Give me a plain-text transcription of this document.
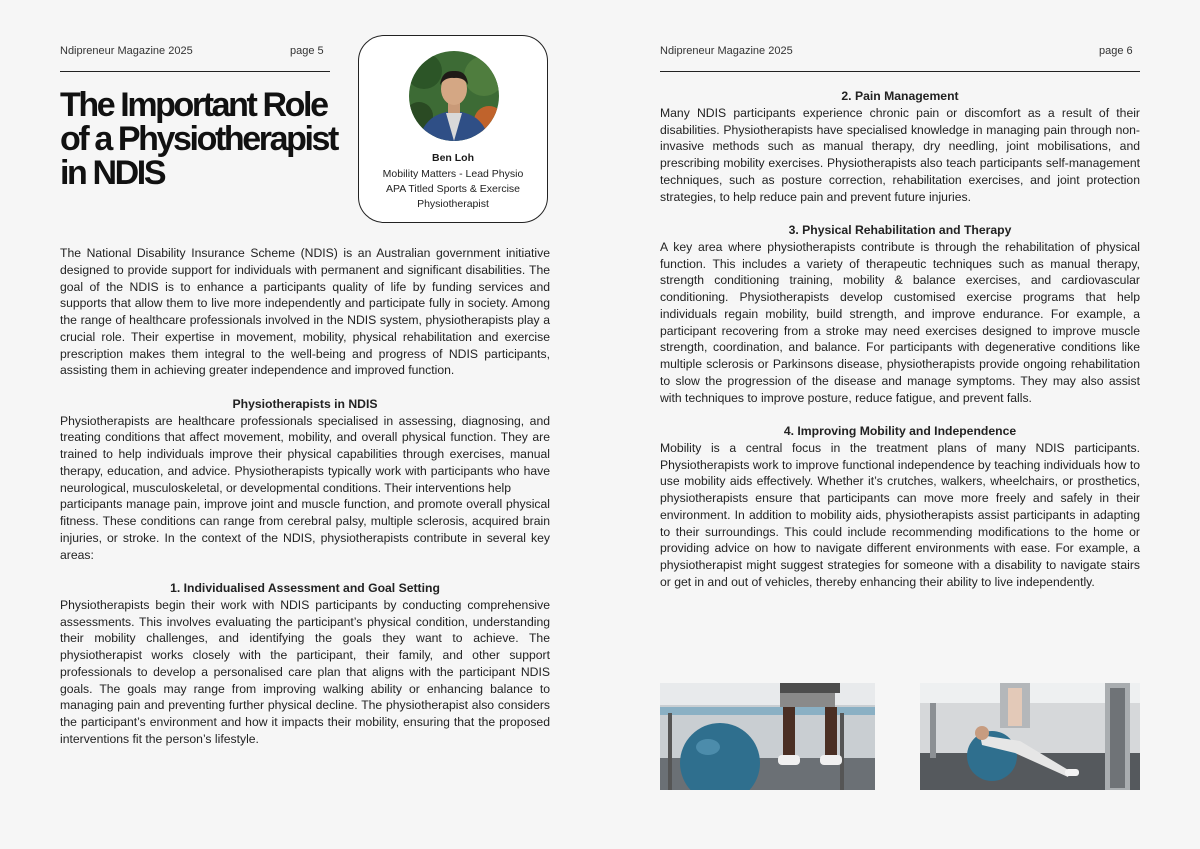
Ndipreneur Magazine 2025	page 5
The Important Role of a Physiotherapist in NDIS	Ben Loh
Mobility Matters - Lead Physio
APA Titled Sports & Exercise
Physiotherapist

The National Disability Insurance Scheme (NDIS) is an Australian government initiative designed to provide support for individuals with permanent and significant disabilities. The goal of the NDIS is to enhance a participants quality of life by funding services and supports that allow them to live more independently and participate fully in society. Among the range of healthcare professionals involved in the NDIS system, physiotherapists play a crucial role. Their expertise in movement, mobility, physical rehabilitation and exercise prescription makes them integral to the well-being and progress of NDIS participants, assisting them in achieving greater independence and improved function.

Physiotherapists in NDIS

Physiotherapists are healthcare professionals specialised in assessing, diagnosing, and treating conditions that affect movement, mobility, and overall physical function. They are trained to help individuals improve their physical capabilities through exercises, manual therapy, education, and advice. Physiotherapists typically work with participants who have neurological, musculoskeletal, or developmental conditions. Their interventions help

participants manage pain, improve joint and muscle function, and promote overall physical fitness. These conditions can range from cerebral palsy, multiple sclerosis, acquired brain injuries, or stroke. In the context of the NDIS, physiotherapists contribute in several key areas:

1. Individualised Assessment and Goal Setting

Physiotherapists begin their work with NDIS participants by conducting comprehensive assessments. This involves evaluating the participant’s physical condition, understanding their mobility challenges, and identifying the goals they want to achieve. The physiotherapist works closely with the participant, their family, and other support professionals to develop a personalised care plan that aligns with the participant NDIS goals. The goals may range from improving walking ability or enhancing balance to managing pain and preventing further physical decline. The physiotherapist also considers the participant’s environment and how it impacts their mobility, ensuring that the proposed interventions fit the person’s lifestyle.

Ndipreneur Magazine 2025	page 6
2. Pain Management

Many NDIS participants experience chronic pain or discomfort as a result of their disabilities. Physiotherapists have specialised knowledge in managing pain through non-invasive methods such as manual therapy, dry needling, joint mobilisations, and prescribing mobility exercises. Physiotherapists also teach participants self-management techniques, such as posture correction, rehabilitation exercises, and joint protection strategies, to help reduce pain and prevent future injuries.

3. Physical Rehabilitation and Therapy

A key area where physiotherapists contribute is through the rehabilitation of physical function. This includes a variety of therapeutic techniques such as manual therapy, strength conditioning training, mobility & balance exercises, and cardiovascular conditioning. Physiotherapists develop customised exercise programs that help individuals regain mobility, build strength, and improve endurance. For example, a participant recovering from a stroke may need exercises designed to improve muscle strength, coordination, and balance. For participants with degenerative conditions like multiple sclerosis or Parkinsons disease, physiotherapists provide ongoing rehabilitation to slow the progression of the disease and manage symptoms. They may also assist with techniques to improve posture, reduce fatigue, and prevent falls.

4. Improving Mobility and Independence

Mobility is a central focus in the treatment plans of many NDIS participants. Physiotherapists work to improve functional independence by teaching individuals how to use mobility aids effectively. Whether it’s crutches, walkers, wheelchairs, or prosthetics, physiotherapists ensure that participants can move more freely and safely in their environment. In addition to mobility aids, physiotherapists assist participants in adapting to their surroundings. This could include recommending modifications to the home or providing advice on how to navigate different environments with ease. For example, a physiotherapist might suggest strategies for someone with a disability to navigate stairs or get in and out of vehicles, thereby enhancing their ability to live independently.
